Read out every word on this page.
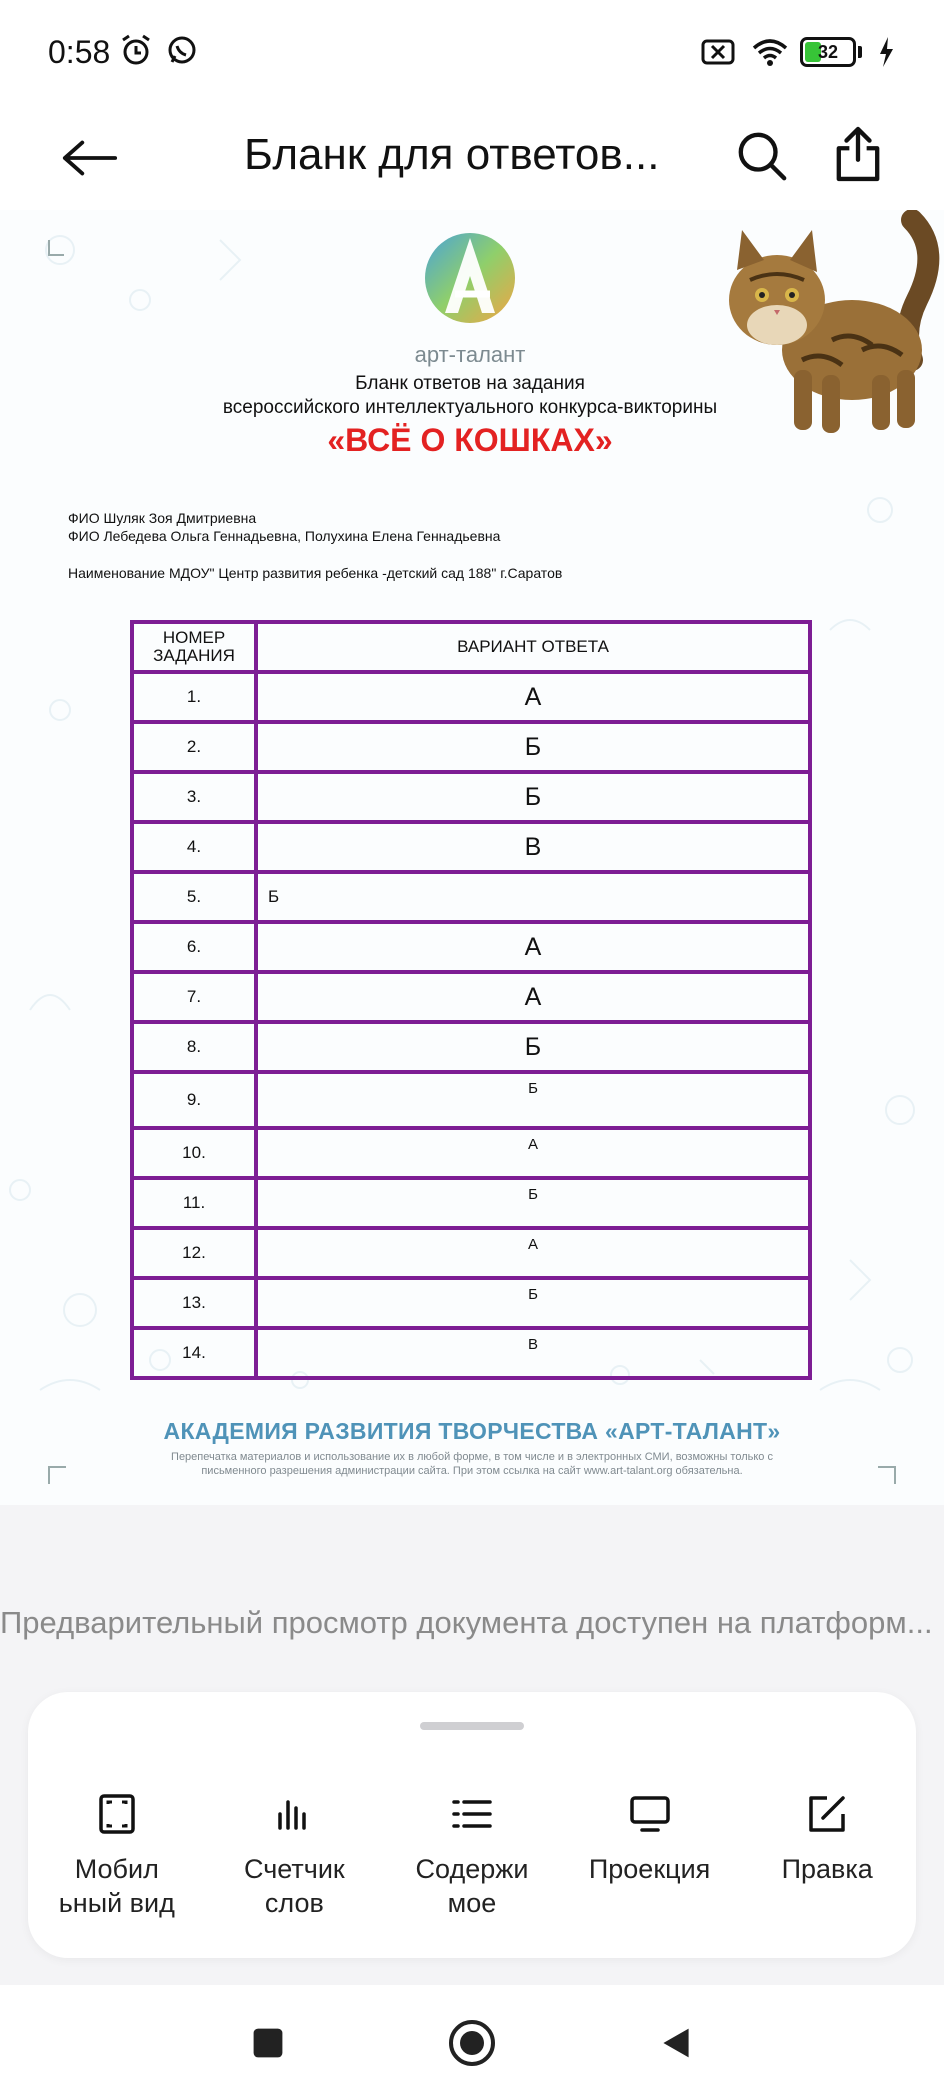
0:58	32
Бланк для ответов...
арт-талант
Бланк ответов на задания
всероссийского интеллектуального конкурса-викторины
«ВСЁ О КОШКАХ»
ФИО Шуляк Зоя Дмитриевна
ФИО Лебедева Ольга Геннадьевна, Полухина Елена Геннадьевна
Наименование МДОУ" Центр развития ребенка -детский сад 188" г.Саратов
НОМЕР
ЗАДАНИЯ	ВАРИАНТ ОТВЕТА
1.	А
2.	Б
3.	Б
4.	В
5.	Б
6.	А
7.	А
8.	Б
9.	Б
10.	А
11.	Б
12.	А
13.	Б
14.	В
АКАДЕМИЯ РАЗВИТИЯ ТВОРЧЕСТВА «АРТ-ТАЛАНТ»
Перепечатка материалов и использование их в любой форме, в том числе и в электронных СМИ, возможны только с
письменного разрешения администрации сайта. При этом ссылка на сайт www.art-talant.org обязательна.
Предварительный просмотр документа доступен на платформ...
Мобил
ьный вид
Счетчик
слов
Содержи
мое
Проекция	Правка
